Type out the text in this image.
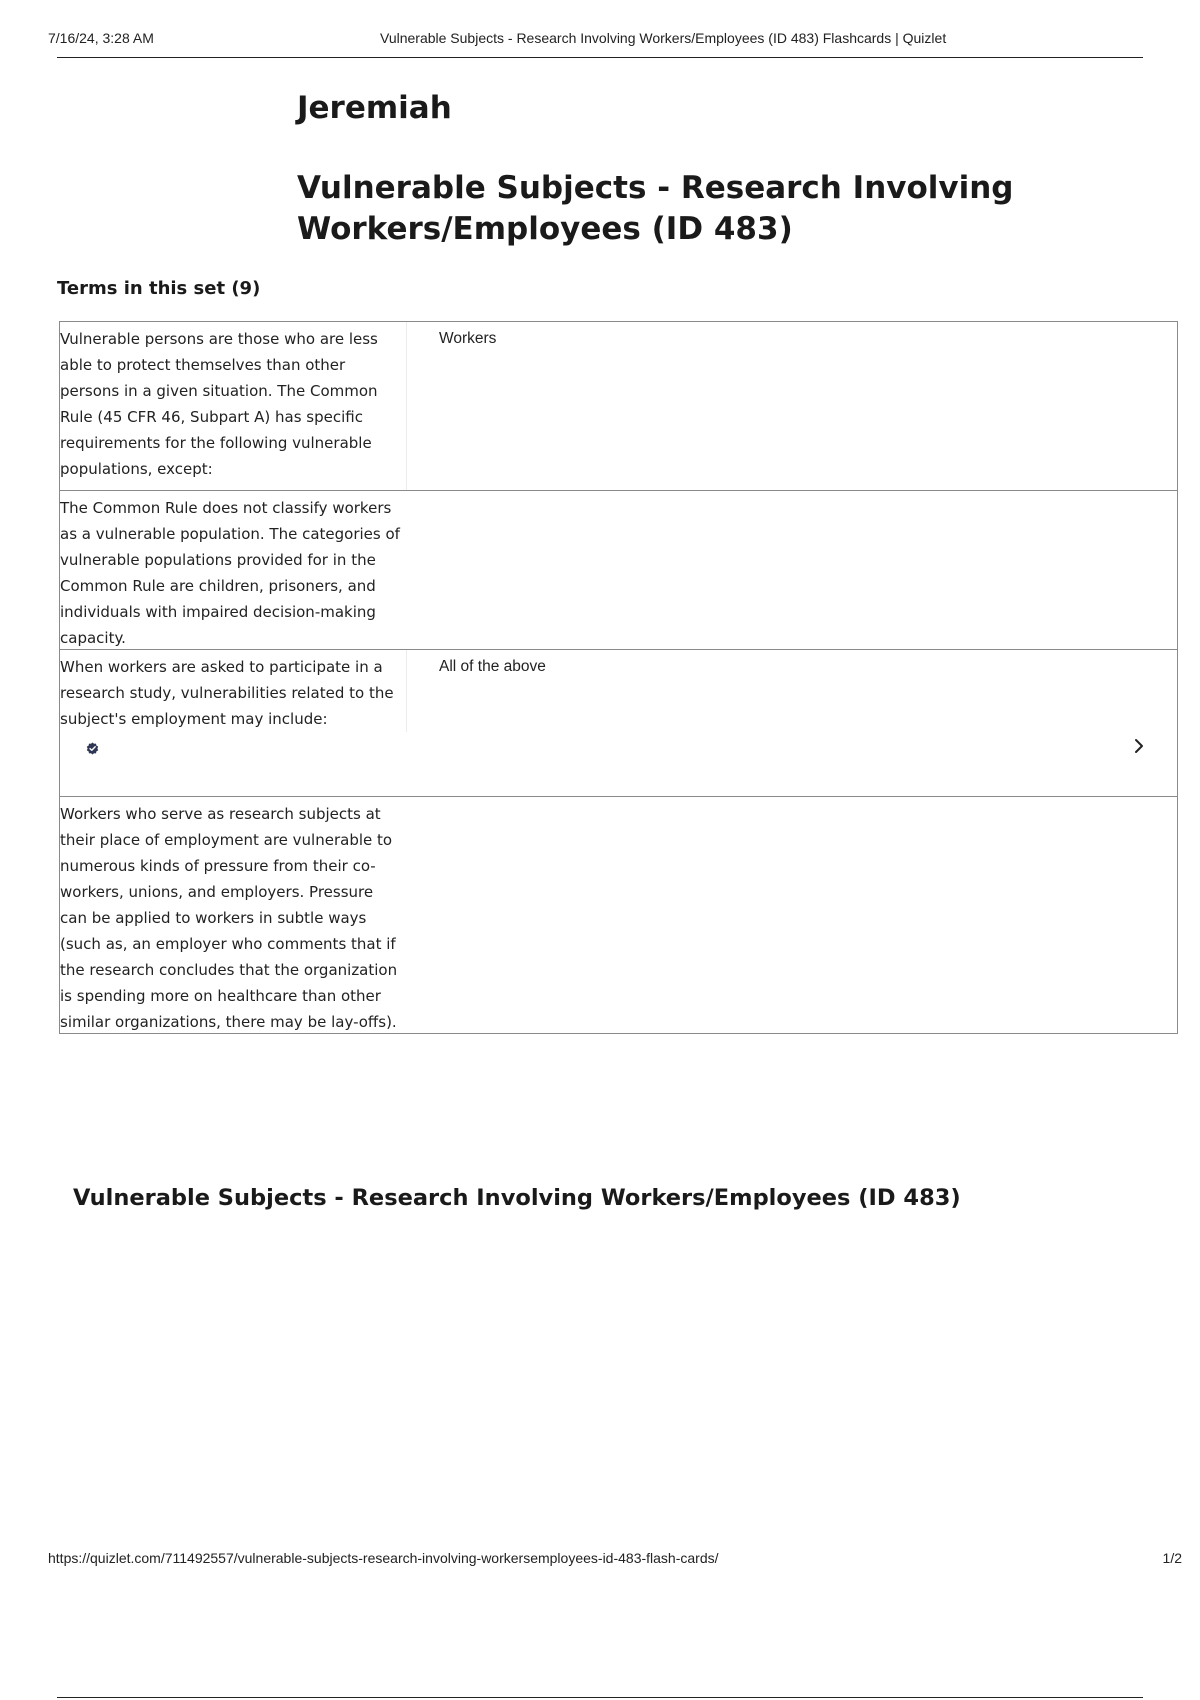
7/16/24, 3:28 AM	Vulnerable Subjects - Research Involving Workers/Employees (ID 483) Flashcards | Quizlet
Jeremiah
Vulnerable Subjects - Research Involving Workers/Employees (ID 483)
Terms in this set (9)
Vulnerable persons are those who are less able to protect themselves than other persons in a given situation. The Common Rule (45 CFR 46, Subpart A) has specific requirements for the following vulnerable populations, except:
Workers
The Common Rule does not classify workers as a vulnerable population. The categories of vulnerable populations provided for in the Common Rule are children, prisoners, and individuals with impaired decision-making capacity.
When workers are asked to participate in a research study, vulnerabilities related to the subject's employment may include:
All of the above
Workers who serve as research subjects at their place of employment are vulnerable to numerous kinds of pressure from their co-workers, unions, and employers. Pressure can be applied to workers in subtle ways (such as, an employer who comments that if the research concludes that the organization is spending more on healthcare than other similar organizations, there may be lay-offs).
Vulnerable Subjects - Research Involving Workers/Employees (ID 483)
https://quizlet.com/711492557/vulnerable-subjects-research-involving-workersemployees-id-483-flash-cards/	1/2
